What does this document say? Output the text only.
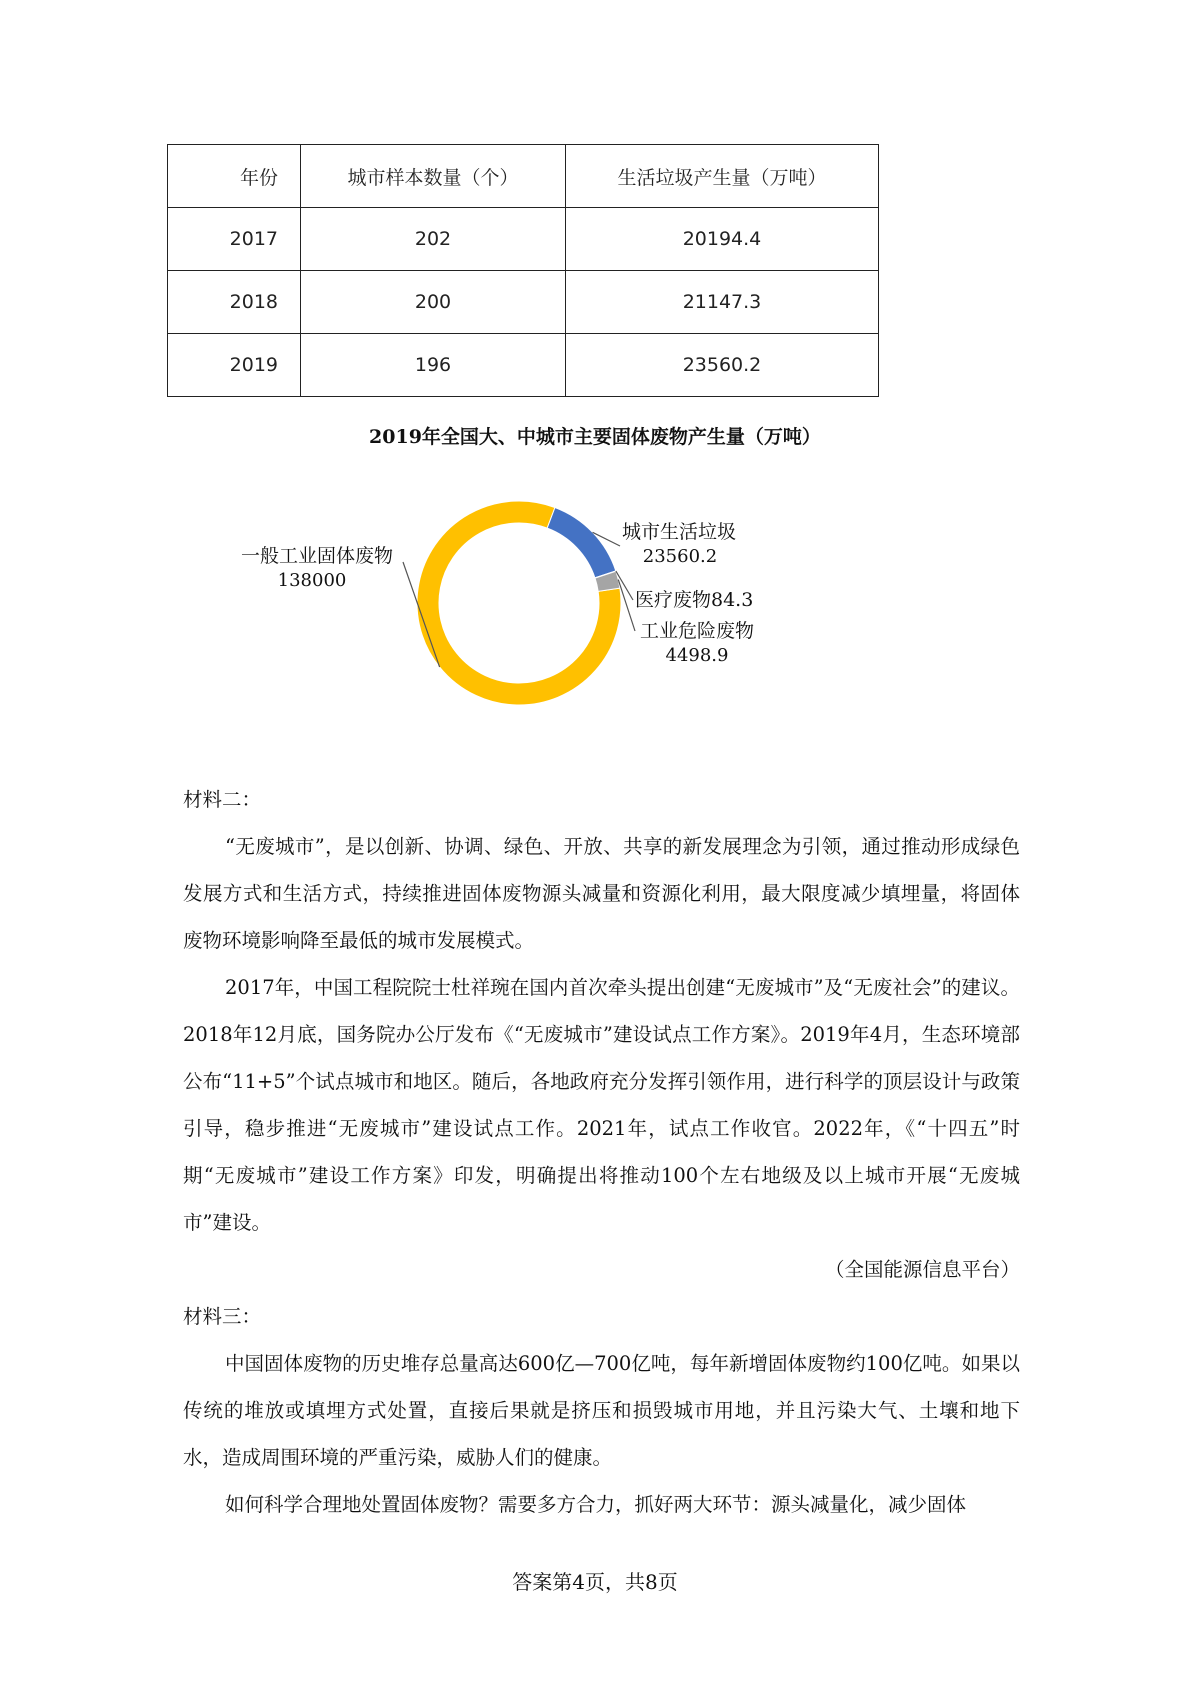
年份	城市样本数量（个）	生活垃圾产生量（万吨）
2017	202	20194.4
2018	200	21147.3
2019	196	23560.2
2019年全国大、中城市主要固体废物产生量（万吨）
一般工业固体废物
138000
城市生活垃圾
23560.2
医疗废物84.3
工业危险废物
4498.9

材料二：

“无废城市”，是以创新、协调、绿色、开放、共享的新发展理念为引领，通过推动形成绿色发展方式和生活方式，持续推进固体废物源头减量和资源化利用，最大限度减少填埋量，将固体废物环境影响降至最低的城市发展模式。

2017年，中国工程院院士杜祥琬在国内首次牵头提出创建“无废城市”及“无废社会”的建议。2018年12月底，国务院办公厅发布《“无废城市”建设试点工作方案》。2019年4月，生态环境部公布“11+5”个试点城市和地区。随后，各地政府充分发挥引领作用，进行科学的顶层设计与政策引导，稳步推进“无废城市”建设试点工作。2021年，试点工作收官。2022年，《“十四五”时期“无废城市”建设工作方案》印发，明确提出将推动100个左右地级及以上城市开展“无废城市”建设。

（全国能源信息平台）

材料三：

中国固体废物的历史堆存总量高达600亿—700亿吨，每年新增固体废物约100亿吨。如果以传统的堆放或填埋方式处置，直接后果就是挤压和损毁城市用地，并且污染大气、土壤和地下水，造成周围环境的严重污染，威胁人们的健康。

如何科学合理地处置固体废物？需要多方合力，抓好两大环节：源头减量化，减少固体

答案第4页，共8页
